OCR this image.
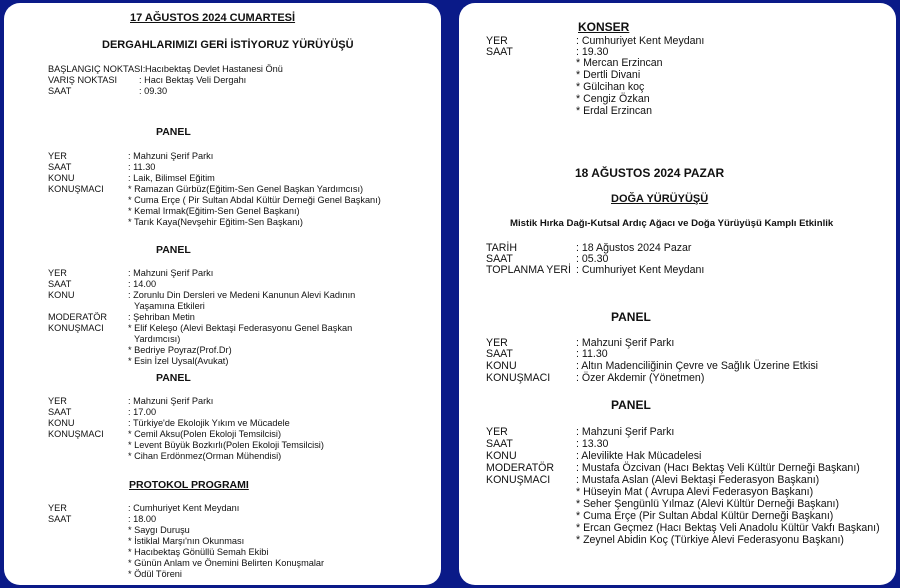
17 AĞUSTOS 2024 CUMARTESİ
DERGAHLARIMIZI GERİ İSTİYORUZ YÜRÜYÜŞÜ
BAŞLANGIÇ NOKTASI: Hacıbektaş Devlet Hastanesi Önü
VARIŞ NOKTASI : Hacı Bektaş Veli Dergahı
SAAT	: 09.30
PANEL
YER	: Mahzuni Şerif Parkı
SAAT	: 11.30
KONU	: Laik, Bilimsel Eğitim
KONUŞMACI	* Ramazan Gürbüz(Eğitim-Sen Genel Başkan Yardımcısı)
* Cuma Erçe ( Pir Sultan Abdal Kültür Derneği Genel Başkanı)
* Kemal Irmak(Eğitim-Sen Genel Başkanı)
* Tarık Kaya(Nevşehir Eğitim-Sen Başkanı)
PANEL
YER	: Mahzuni Şerif Parkı
SAAT	: 14.00
KONU	: Zorunlu Din Dersleri ve Medeni Kanunun Alevi Kadının
Yaşamına Etkileri
MODERATÖR : Şehriban Metin
KONUŞMACI	* Elif Keleşo (Alevi Bektaşi Federasyonu Genel Başkan
Yardımcısı)
* Bedriye Poyraz(Prof.Dr)
* Esin İzel Uysal(Avukat)
PANEL
YER	: Mahzuni Şerif Parkı
SAAT	: 17.00
KONU	: Türkiye'de Ekolojik Yıkım ve Mücadele
KONUŞMACI	* Cemil Aksu(Polen Ekoloji Temsilcisi)
* Levent Büyük Bozkırlı(Polen Ekoloji Temsilcisi)
* Cihan Erdönmez(Orman Mühendisi)
PROTOKOL PROGRAMI
YER	: Cumhuriyet Kent Meydanı
SAAT	: 18.00
* Saygı Duruşu
* İstiklal Marşı'nın Okunması
* Hacıbektaş Gönüllü Semah Ekibi
* Günün Anlam ve Önemini Belirten Konuşmalar
* Ödül Töreni
KONSER
YER	: Cumhuriyet Kent Meydanı
SAAT	: 19.30
* Mercan Erzincan
* Dertli Divani
* Gülcihan koç
* Cengiz Özkan
* Erdal Erzincan
18 AĞUSTOS 2024 PAZAR
DOĞA YÜRÜYÜŞÜ
Mistik Hırka Dağı-Kutsal Ardıç Ağacı ve Doğa Yürüyüşü Kamplı Etkinlik
TARİH	: 18 Ağustos 2024 Pazar
SAAT	: 05.30
TOPLANMA YERİ : Cumhuriyet Kent Meydanı
PANEL
YER	: Mahzuni Şerif Parkı
SAAT	: 11.30
KONU	: Altın Madenciliğinin Çevre ve Sağlık Üzerine Etkisi
KONUŞMACI : Özer Akdemir (Yönetmen)
PANEL
YER	: Mahzuni Şerif Parkı
SAAT	: 13.30
KONU	: Alevilikte Hak Mücadelesi
MODERATÖR : Mustafa Özcivan (Hacı Bektaş Veli Kültür Derneği Başkanı)
KONUŞMACI : Mustafa Aslan (Alevi Bektaşi Federasyon Başkanı)
* Hüseyin Mat ( Avrupa Alevi Federasyon Başkanı)
* Seher Şengünlü Yılmaz (Alevi Kültür Derneği Başkanı)
* Cuma Erçe (Pir Sultan Abdal Kültür Derneği Başkanı)
* Ercan Geçmez (Hacı Bektaş Veli Anadolu Kültür Vakfı Başkanı)
* Zeynel Abidin Koç (Türkiye Alevi Federasyonu Başkanı)
